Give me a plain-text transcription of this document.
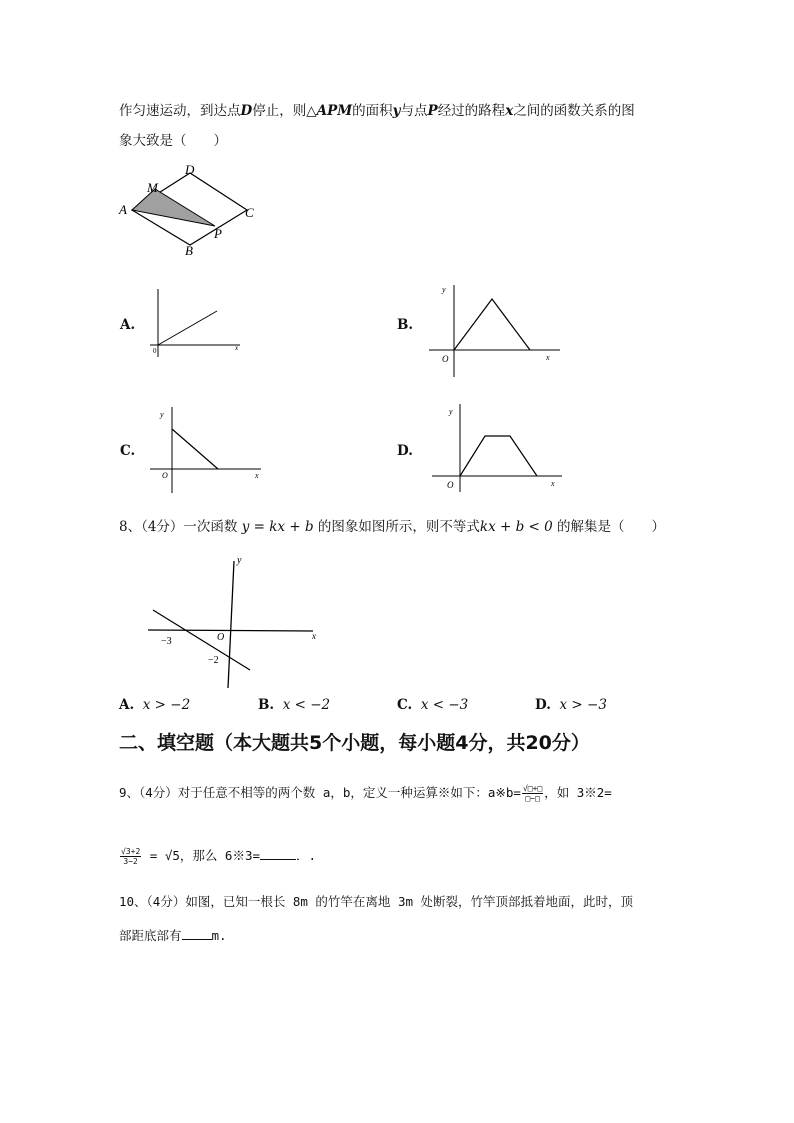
作匀速运动，到达点D停止，则△APM的面积y与点P经过的路程x之间的函数关系的图
象大致是（　　）
A
B
C
D
M
P
A.
0	x
B.
y
O	x
C.
y
O	x
D.
y
O	x
8、（4分）一次函数 y = kx + b 的图象如图所示，则不等式kx + b < 0 的解集是（　　）
y
x
O
−3
−2
A. x > −2	B. x < −2	C. x < −3	D. x > −3
二、填空题（本大题共5个小题，每小题4分，共20分）
9、（4分）对于任意不相等的两个数 a，b，定义一种运算※如下：a※b= $\frac{√□+□}{□-□}$ ，如 3※2=
$\frac{√3+2}{3-2} = √5$，那么 6※3=	．.
10、（4分）如图，已知一根长 8m 的竹竿在离地 3m 处断裂，竹竿顶部抵着地面，此时，顶
部距底部有 m.
